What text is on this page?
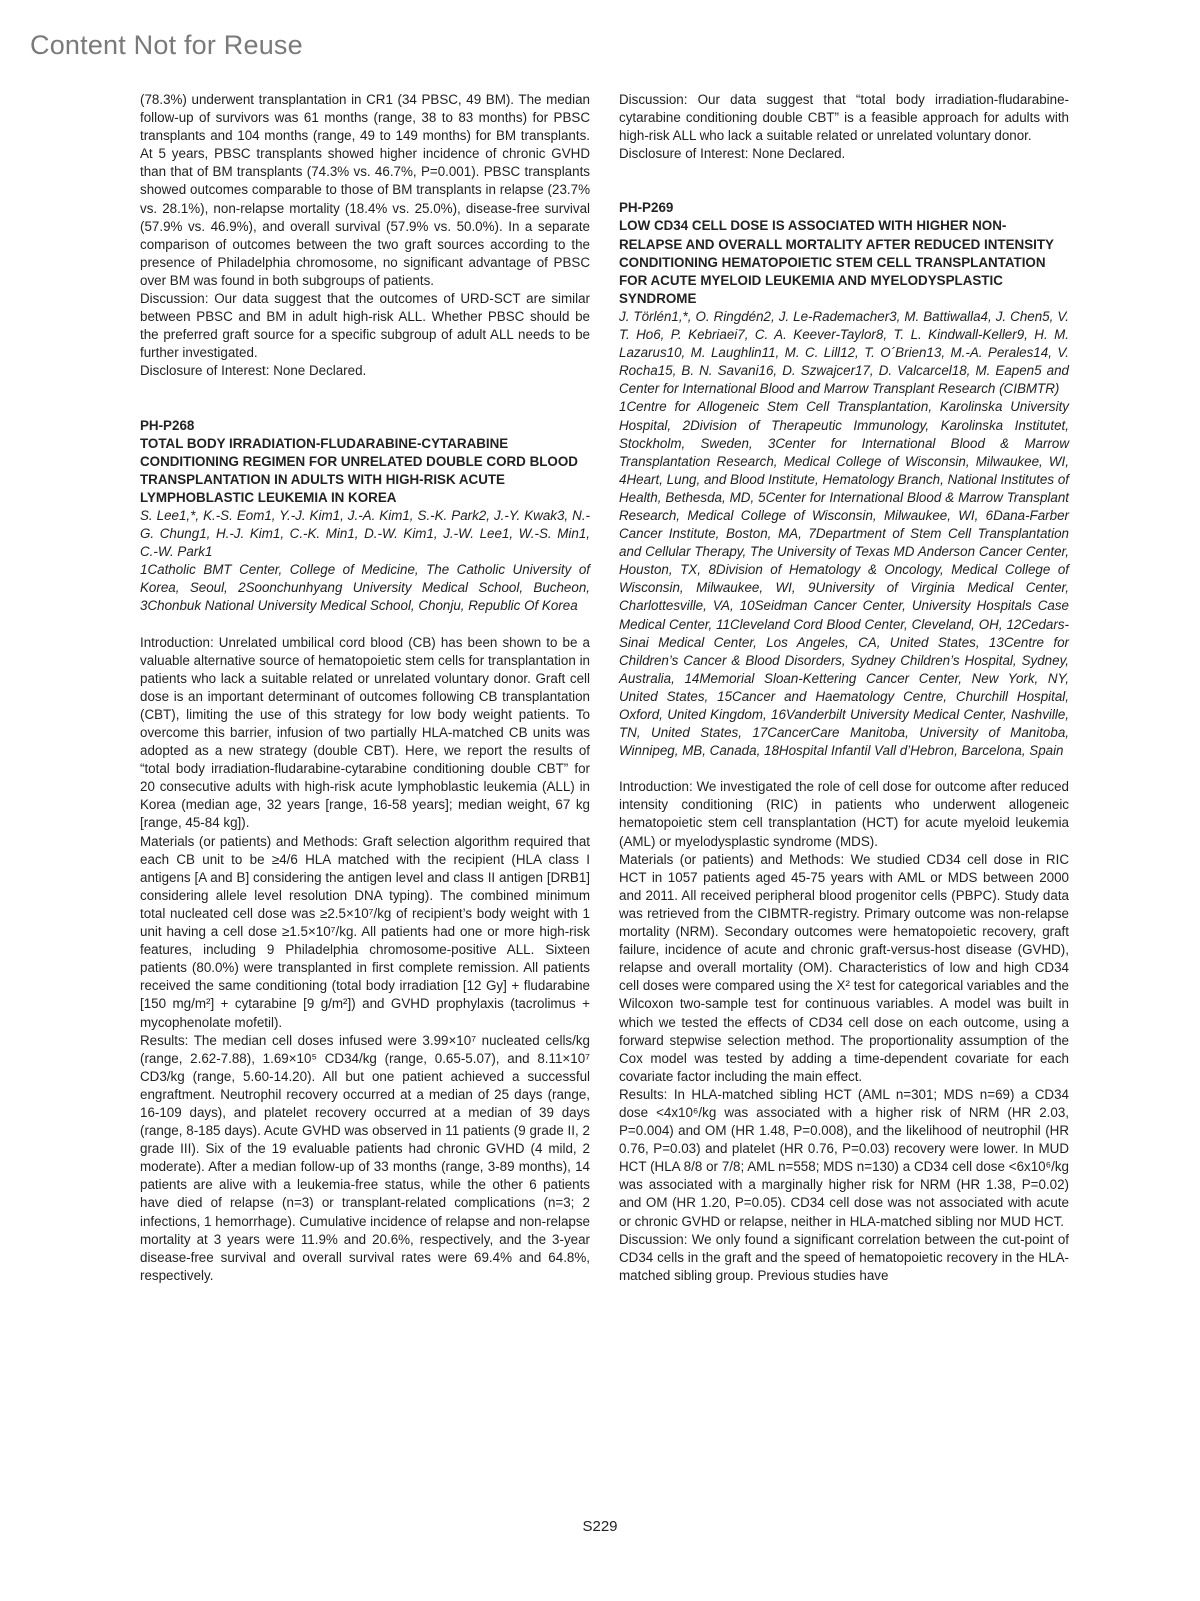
Content Not for Reuse

(78.3%) underwent transplantation in CR1 (34 PBSC, 49 BM). The median follow-up of survivors was 61 months (range, 38 to 83 months) for PBSC transplants and 104 months (range, 49 to 149 months) for BM transplants. At 5 years, PBSC transplants showed higher incidence of chronic GVHD than that of BM transplants (74.3% vs. 46.7%, P=0.001). PBSC transplants showed outcomes comparable to those of BM transplants in relapse (23.7% vs. 28.1%), non-relapse mortality (18.4% vs. 25.0%), disease-free survival (57.9% vs. 46.9%), and overall survival (57.9% vs. 50.0%). In a separate comparison of outcomes between the two graft sources according to the presence of Philadelphia chromosome, no significant advantage of PBSC over BM was found in both subgroups of patients.

Discussion: Our data suggest that the outcomes of URD-SCT are similar between PBSC and BM in adult high-risk ALL. Whether PBSC should be the preferred graft source for a specific subgroup of adult ALL needs to be further investigated.

Disclosure of Interest: None Declared.

PH-P268

TOTAL BODY IRRADIATION-FLUDARABINE-CYTARABINE CONDITIONING REGIMEN FOR UNRELATED DOUBLE CORD BLOOD TRANSPLANTATION IN ADULTS WITH HIGH-RISK ACUTE LYMPHOBLASTIC LEUKEMIA IN KOREA

S. Lee1,*, K.-S. Eom1, Y.-J. Kim1, J.-A. Kim1, S.-K. Park2, J.-Y. Kwak3, N.-G. Chung1, H.-J. Kim1, C.-K. Min1, D.-W. Kim1, J.-W. Lee1, W.-S. Min1, C.-W. Park1

1Catholic BMT Center, College of Medicine, The Catholic University of Korea, Seoul, 2Soonchunhyang University Medical School, Bucheon, 3Chonbuk National University Medical School, Chonju, Republic Of Korea

Introduction: Unrelated umbilical cord blood (CB) has been shown to be a valuable alternative source of hematopoietic stem cells for transplantation in patients who lack a suitable related or unrelated voluntary donor. Graft cell dose is an important determinant of outcomes following CB transplantation (CBT), limiting the use of this strategy for low body weight patients. To overcome this barrier, infusion of two partially HLA-matched CB units was adopted as a new strategy (double CBT). Here, we report the results of “total body irradiation-fludarabine-cytarabine conditioning double CBT” for 20 consecutive adults with high-risk acute lymphoblastic leukemia (ALL) in Korea (median age, 32 years [range, 16-58 years]; median weight, 67 kg [range, 45-84 kg]).

Materials (or patients) and Methods: Graft selection algorithm required that each CB unit to be ≥4/6 HLA matched with the recipient (HLA class I antigens [A and B] considering the antigen level and class II antigen [DRB1] considering allele level resolution DNA typing). The combined minimum total nucleated cell dose was ≥2.5×10⁷/kg of recipient’s body weight with 1 unit having a cell dose ≥1.5×10⁷/kg. All patients had one or more high-risk features, including 9 Philadelphia chromosome-positive ALL. Sixteen patients (80.0%) were transplanted in first complete remission. All patients received the same conditioning (total body irradiation [12 Gy] + fludarabine [150 mg/m²] + cytarabine [9 g/m²]) and GVHD prophylaxis (tacrolimus + mycophenolate mofetil).

Results: The median cell doses infused were 3.99×10⁷ nucleated cells/kg (range, 2.62-7.88), 1.69×10⁵ CD34/kg (range, 0.65-5.07), and 8.11×10⁷ CD3/kg (range, 5.60-14.20). All but one patient achieved a successful engraftment. Neutrophil recovery occurred at a median of 25 days (range, 16-109 days), and platelet recovery occurred at a median of 39 days (range, 8-185 days). Acute GVHD was observed in 11 patients (9 grade II, 2 grade III). Six of the 19 evaluable patients had chronic GVHD (4 mild, 2 moderate). After a median follow-up of 33 months (range, 3-89 months), 14 patients are alive with a leukemia-free status, while the other 6 patients have died of relapse (n=3) or transplant-related complications (n=3; 2 infections, 1 hemorrhage). Cumulative incidence of relapse and non-relapse mortality at 3 years were 11.9% and 20.6%, respectively, and the 3-year disease-free survival and overall survival rates were 69.4% and 64.8%, respectively.

Discussion: Our data suggest that “total body irradiation-fludarabine-cytarabine conditioning double CBT” is a feasible approach for adults with high-risk ALL who lack a suitable related or unrelated voluntary donor.

Disclosure of Interest: None Declared.

PH-P269

LOW CD34 CELL DOSE IS ASSOCIATED WITH HIGHER NON-RELAPSE AND OVERALL MORTALITY AFTER REDUCED INTENSITY CONDITIONING HEMATOPOIETIC STEM CELL TRANSPLANTATION FOR ACUTE MYELOID LEUKEMIA AND MYELODYSPLASTIC SYNDROME

J. Törlén1,*, O. Ringdén2, J. Le-Rademacher3, M. Battiwalla4, J. Chen5, V. T. Ho6, P. Kebriaei7, C. A. Keever-Taylor8, T. L. Kindwall-Keller9, H. M. Lazarus10, M. Laughlin11, M. C. Lill12, T. O´Brien13, M.-A. Perales14, V. Rocha15, B. N. Savani16, D. Szwajcer17, D. Valcarcel18, M. Eapen5 and Center for International Blood and Marrow Transplant Research (CIBMTR)

1Centre for Allogeneic Stem Cell Transplantation, Karolinska University Hospital, 2Division of Therapeutic Immunology, Karolinska Institutet, Stockholm, Sweden, 3Center for International Blood & Marrow Transplantation Research, Medical College of Wisconsin, Milwaukee, WI, 4Heart, Lung, and Blood Institute, Hematology Branch, National Institutes of Health, Bethesda, MD, 5Center for International Blood & Marrow Transplant Research, Medical College of Wisconsin, Milwaukee, WI, 6Dana-Farber Cancer Institute, Boston, MA, 7Department of Stem Cell Transplantation and Cellular Therapy, The University of Texas MD Anderson Cancer Center, Houston, TX, 8Division of Hematology & Oncology, Medical College of Wisconsin, Milwaukee, WI, 9University of Virginia Medical Center, Charlottesville, VA, 10Seidman Cancer Center, University Hospitals Case Medical Center, 11Cleveland Cord Blood Center, Cleveland, OH, 12Cedars-Sinai Medical Center, Los Angeles, CA, United States, 13Centre for Children’s Cancer & Blood Disorders, Sydney Children’s Hospital, Sydney, Australia, 14Memorial Sloan-Kettering Cancer Center, New York, NY, United States, 15Cancer and Haematology Centre, Churchill Hospital, Oxford, United Kingdom, 16Vanderbilt University Medical Center, Nashville, TN, United States, 17CancerCare Manitoba, University of Manitoba, Winnipeg, MB, Canada, 18Hospital Infantil Vall d’Hebron, Barcelona, Spain

Introduction: We investigated the role of cell dose for outcome after reduced intensity conditioning (RIC) in patients who underwent allogeneic hematopoietic stem cell transplantation (HCT) for acute myeloid leukemia (AML) or myelodysplastic syndrome (MDS).

Materials (or patients) and Methods: We studied CD34 cell dose in RIC HCT in 1057 patients aged 45-75 years with AML or MDS between 2000 and 2011. All received peripheral blood progenitor cells (PBPC). Study data was retrieved from the CIBMTR-registry. Primary outcome was non-relapse mortality (NRM). Secondary outcomes were hematopoietic recovery, graft failure, incidence of acute and chronic graft-versus-host disease (GVHD), relapse and overall mortality (OM). Characteristics of low and high CD34 cell doses were compared using the X² test for categorical variables and the Wilcoxon two-sample test for continuous variables. A model was built in which we tested the effects of CD34 cell dose on each outcome, using a forward stepwise selection method. The proportionality assumption of the Cox model was tested by adding a time-dependent covariate for each covariate factor including the main effect.

Results: In HLA-matched sibling HCT (AML n=301; MDS n=69) a CD34 dose <4x10⁶/kg was associated with a higher risk of NRM (HR 2.03, P=0.004) and OM (HR 1.48, P=0.008), and the likelihood of neutrophil (HR 0.76, P=0.03) and platelet (HR 0.76, P=0.03) recovery were lower. In MUD HCT (HLA 8/8 or 7/8; AML n=558; MDS n=130) a CD34 cell dose <6x10⁶/kg was associated with a marginally higher risk for NRM (HR 1.38, P=0.02) and OM (HR 1.20, P=0.05). CD34 cell dose was not associated with acute or chronic GVHD or relapse, neither in HLA-matched sibling nor MUD HCT.

Discussion: We only found a significant correlation between the cut-point of CD34 cells in the graft and the speed of hematopoietic recovery in the HLA-matched sibling group. Previous studies have

S229
